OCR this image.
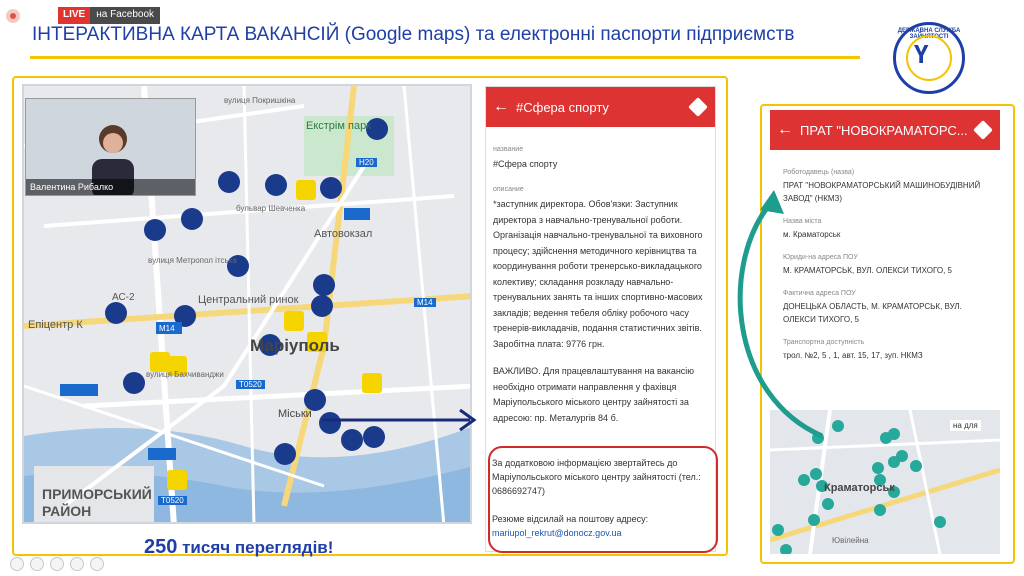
LIVE	на Facebook
ІНТЕРАКТИВНА КАРТА ВАКАНСІЙ (Google maps) та електронні паспорти підприємств	ДЕРЖАВНА СЛУЖБА ЗАЙНЯТОСТІ
Ү
Екстрім парк
Автовокзал
Центральний ринок
Маріуполь
Епіцентр К
ПРИМОРСЬКИЙ РАЙОН
H20
M14
M14
T0520
T0520
АС-2
Міськи
вулиця Метропол ітська
бульвар Шевченка
вулиця Покришкіна
вулиця Бахчиванджи
Валентина Рибалко
← #Сфера спорту
название
#Сфера спорту
описание
*заступник директора. Обов'язки: Заступник директора з навчально-тренувальної роботи. Організація навчально-тренувальної та виховного процесу; здійснення методичного керівництва та координування роботи тренерсько-викладацького колективу; складання розкладу навчально-тренувальних занять та інших спортивно-масових закладів; ведення тебеля обліку робочого часу тренерів-викладачів, подання статистичних звітів. Заробітна плата: 9776 грн.
ВАЖЛИВО. Для працевлаштування на вакансію необхідно отримати направлення у фахівця Маріупольського міського центру зайнятості за адресою: пр. Металургів 84 б.
За додатковою інформацією звертайтесь до Маріупольського міського центру зайнятості (тел.: 0686692747)
Резюме відсилай на поштову адресу:
mariupol_rekrut@donocz.gov.ua
← ПРАТ "НОВОКРАМАТОРС...
Роботодавець (назва)
ПРАТ "НОВОКРАМАТОРСЬКИЙ МАШИНОБУДІВНИЙ ЗАВОД" (НКМЗ)
Назва міста
м. Краматорськ
Юриди-на адреса ПОУ
М. КРАМАТОРСЬК, ВУЛ. ОЛЕКСИ ТИХОГО, 5
Фактична адреса ПОУ
ДОНЕЦЬКА ОБЛАСТЬ, М. КРАМАТОРСЬК, ВУЛ. ОЛЕКСИ ТИХОГО, 5
Транспортна доступність
трол. №2, 5 , 1, авт. 15, 17, зуп. НКМЗ
Краматорськ
Ювілейна
на для
250 тисяч переглядів!
